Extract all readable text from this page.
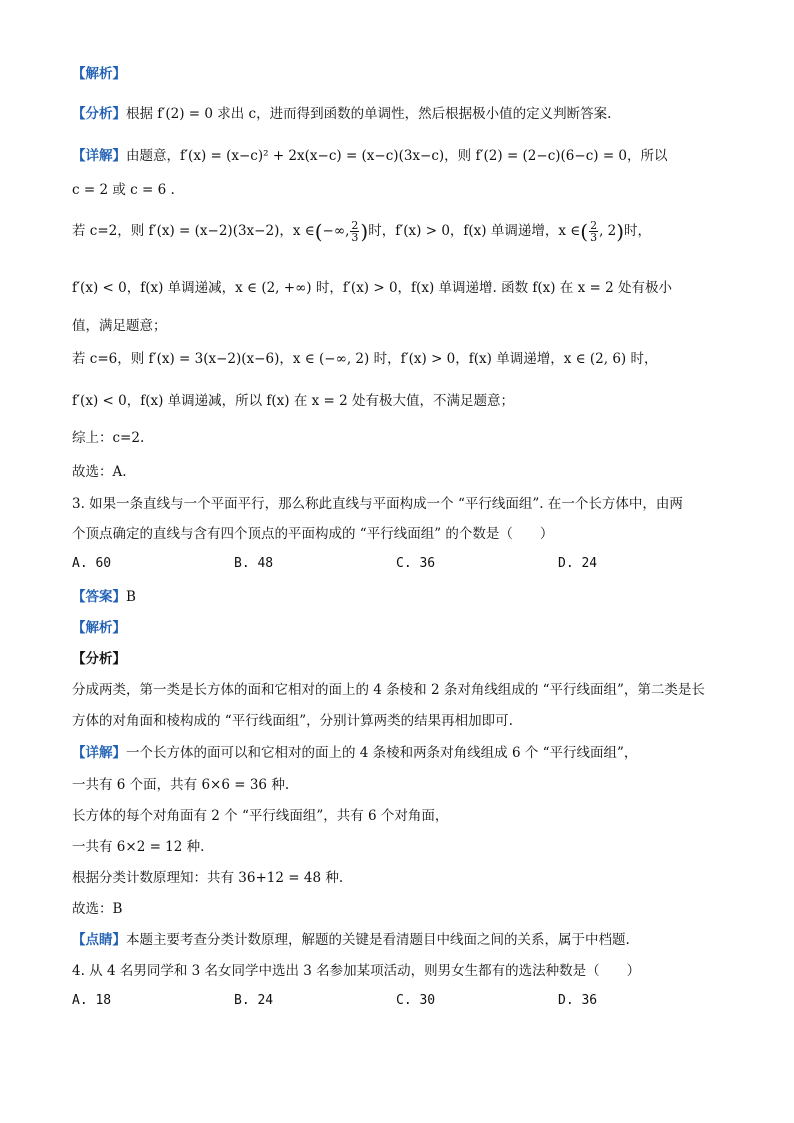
【解析】
【分析】根据 f′(2) = 0 求出 c，进而得到函数的单调性，然后根据极小值的定义判断答案.
【详解】由题意，f′(x) = (x−c)² + 2x(x−c) = (x−c)(3x−c)，则 f′(2) = (2−c)(6−c) = 0，所以
c = 2 或 c = 6 .
若 c=2，则 f′(x) = (x−2)(3x−2)，x ∈(−∞, $\frac{2}{3}$ )时，f′(x) > 0，f(x) 单调递增，x ∈( $\frac{2}{3}$ , 2)时，
f′(x) < 0，f(x) 单调递减，x ∈ (2, +∞) 时，f′(x) > 0，f(x) 单调递增. 函数 f(x) 在 x = 2 处有极小
值，满足题意；
若 c=6，则 f′(x) = 3(x−2)(x−6)，x ∈ (−∞, 2) 时，f′(x) > 0，f(x) 单调递增，x ∈ (2, 6) 时，
f′(x) < 0，f(x) 单调递减，所以 f(x) 在 x = 2 处有极大值，不满足题意；
综上：c=2.
故选：A.
3. 如果一条直线与一个平面平行，那么称此直线与平面构成一个 “平行线面组”. 在一个长方体中，由两
个顶点确定的直线与含有四个顶点的平面构成的 “平行线面组” 的个数是（　　）
A. 60	B. 48	C. 36	D. 24
【答案】B
【解析】
【分析】
分成两类，第一类是长方体的面和它相对的面上的 4 条棱和 2 条对角线组成的 “平行线面组”，第二类是长
方体的对角面和棱构成的 “平行线面组”，分别计算两类的结果再相加即可.
【详解】一个长方体的面可以和它相对的面上的 4 条棱和两条对角线组成 6 个 “平行线面组”，
一共有 6 个面，共有 6×6 = 36 种.
长方体的每个对角面有 2 个 “平行线面组”，共有 6 个对角面，
一共有 6×2 = 12 种.
根据分类计数原理知：共有 36+12 = 48 种.
故选：B
【点睛】本题主要考查分类计数原理，解题的关键是看清题目中线面之间的关系，属于中档题.
4. 从 4 名男同学和 3 名女同学中选出 3 名参加某项活动，则男女生都有的选法种数是（　　）
A. 18	B. 24	C. 30	D. 36
